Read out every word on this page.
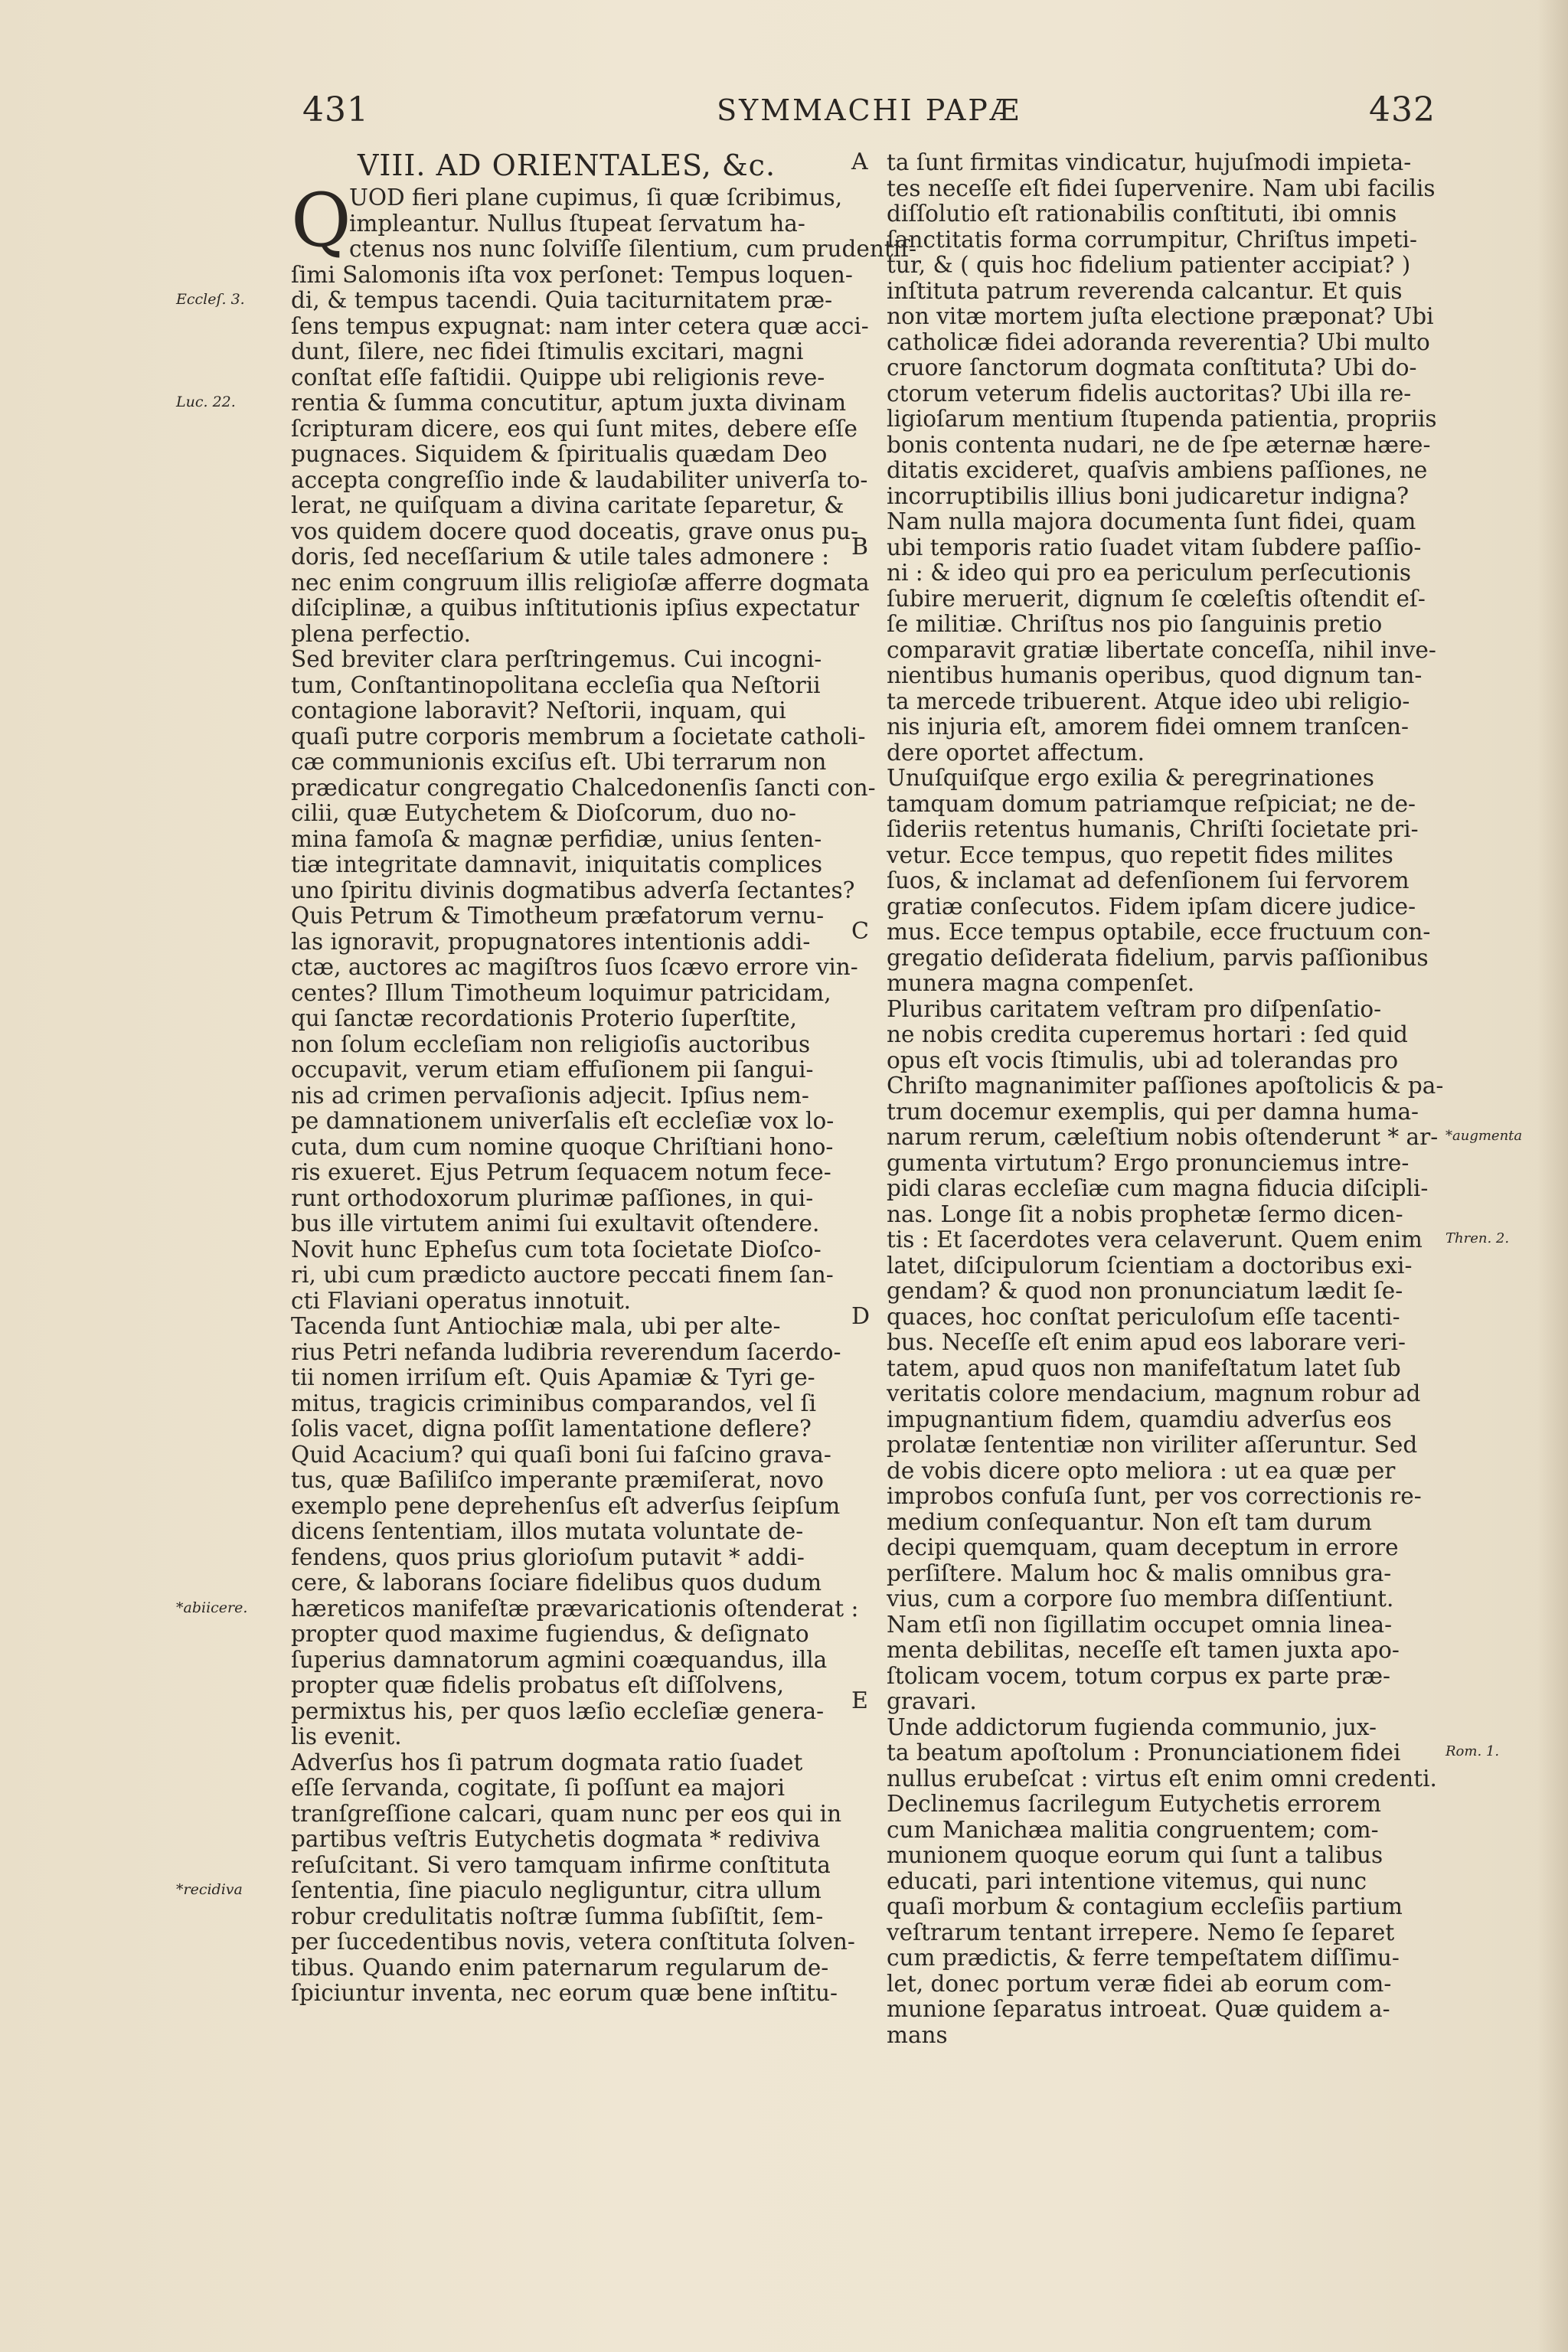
431	SYMMACHI PAPÆ	432
VIII. AD ORIENTALES, &c.
Q
UOD fieri plane cupimus, ſi quæ ſcribimus,
impleantur. Nullus ſtupeat ſervatum ha-
ctenus nos nunc ſolviſſe ſilentium, cum prudentiſ-
ſimi Salomonis iſta vox perſonet: Tempus loquen-
di, & tempus tacendi. Quia taciturnitatem præ-
ſens tempus expugnat: nam inter cetera quæ acci-
dunt, ſilere, nec fidei ſtimulis excitari, magni
conſtat eſſe faſtidii. Quippe ubi religionis reve-
rentia & ſumma concutitur, aptum juxta divinam
ſcripturam dicere, eos qui ſunt mites, debere eſſe
pugnaces. Siquidem & ſpiritualis quædam Deo
accepta congreſſio inde & laudabiliter univerſa to-
lerat, ne quiſquam a divina caritate ſeparetur, &
vos quidem docere quod doceatis, grave onus pu-
doris, ſed neceſſarium & utile tales admonere :
nec enim congruum illis religioſæ afferre dogmata
diſciplinæ, a quibus inſtitutionis ipſius expectatur
plena perfectio.
Sed breviter clara perſtringemus. Cui incogni-
tum, Conſtantinopolitana eccleſia qua Neſtorii
contagione laboravit? Neſtorii, inquam, qui
quaſi putre corporis membrum a ſocietate catholi-
cæ communionis exciſus eſt. Ubi terrarum non
prædicatur congregatio Chalcedonenſis ſancti con-
cilii, quæ Eutychetem & Dioſcorum, duo no-
mina famoſa & magnæ perfidiæ, unius ſenten-
tiæ integritate damnavit, iniquitatis complices
uno ſpiritu divinis dogmatibus adverſa ſectantes?
Quis Petrum & Timotheum præfatorum vernu-
las ignoravit, propugnatores intentionis addi-
ctæ, auctores ac magiſtros ſuos ſcævo errore vin-
centes? Illum Timotheum loquimur patricidam,
qui ſanctæ recordationis Proterio ſuperſtite,
non ſolum eccleſiam non religioſis auctoribus
occupavit, verum etiam effuſionem pii ſangui-
nis ad crimen pervaſionis adjecit. Ipſius nem-
pe damnationem univerſalis eſt eccleſiæ vox lo-
cuta, dum cum nomine quoque Chriſtiani hono-
ris exueret. Ejus Petrum ſequacem notum fece-
runt orthodoxorum plurimæ paſſiones, in qui-
bus ille virtutem animi ſui exultavit oſtendere.
Novit hunc Epheſus cum tota ſocietate Dioſco-
ri, ubi cum prædicto auctore peccati finem ſan-
cti Flaviani operatus innotuit.
Tacenda ſunt Antiochiæ mala, ubi per alte-
rius Petri nefanda ludibria reverendum ſacerdo-
tii nomen irriſum eſt. Quis Apamiæ & Tyri ge-
mitus, tragicis criminibus comparandos, vel ſi
ſolis vacet, digna poſſit lamentatione deflere?
Quid Acacium? qui quaſi boni ſui faſcino grava-
tus, quæ Baſiliſco imperante præmiſerat, novo
exemplo pene deprehenſus eſt adverſus ſeipſum
dicens ſententiam, illos mutata voluntate de-
fendens, quos prius glorioſum putavit * addi-
cere, & laborans ſociare fidelibus quos dudum
hæreticos manifeſtæ prævaricationis oſtenderat :
propter quod maxime fugiendus, & deſignato
ſuperius damnatorum agmini coæquandus, illa
propter quæ fidelis probatus eſt diſſolvens,
permixtus his, per quos læſio eccleſiæ genera-
lis evenit.
Adverſus hos ſi patrum dogmata ratio ſuadet
eſſe ſervanda, cogitate, ſi poſſunt ea majori
tranſgreſſione calcari, quam nunc per eos qui in
partibus veſtris Eutychetis dogmata * rediviva
reſuſcitant. Si vero tamquam infirme conſtituta
ſententia, ſine piaculo negliguntur, citra ullum
robur credulitatis noſtræ ſumma ſubſiſtit, ſem-
per ſuccedentibus novis, vetera conſtituta ſolven-
tibus. Quando enim paternarum regularum de-
ſpiciuntur inventa, nec eorum quæ bene inſtitu-
ta ſunt firmitas vindicatur, hujuſmodi impieta-
tes neceſſe eſt fidei ſupervenire. Nam ubi facilis
diſſolutio eſt rationabilis conſtituti, ibi omnis
ſanctitatis forma corrumpitur, Chriſtus impeti-
tur, & ( quis hoc fidelium patienter accipiat? )
inſtituta patrum reverenda calcantur. Et quis
non vitæ mortem juſta electione præponat? Ubi
catholicæ fidei adoranda reverentia? Ubi multo
cruore ſanctorum dogmata conſtituta? Ubi do-
ctorum veterum fidelis auctoritas? Ubi illa re-
ligioſarum mentium ſtupenda patientia, propriis
bonis contenta nudari, ne de ſpe æternæ hære-
ditatis excideret, quaſvis ambiens paſſiones, ne
incorruptibilis illius boni judicaretur indigna?
Nam nulla majora documenta ſunt fidei, quam
ubi temporis ratio ſuadet vitam ſubdere paſſio-
ni : & ideo qui pro ea periculum perſecutionis
ſubire meruerit, dignum ſe cœleſtis oſtendit eſ-
ſe militiæ. Chriſtus nos pio ſanguinis pretio
comparavit gratiæ libertate conceſſa, nihil inve-
nientibus humanis operibus, quod dignum tan-
ta mercede tribuerent. Atque ideo ubi religio-
nis injuria eſt, amorem fidei omnem tranſcen-
dere oportet affectum.
Unuſquiſque ergo exilia & peregrinationes
tamquam domum patriamque reſpiciat; ne de-
ſideriis retentus humanis, Chriſti ſocietate pri-
vetur. Ecce tempus, quo repetit fides milites
ſuos, & inclamat ad defenſionem ſui fervorem
gratiæ conſecutos. Fidem ipſam dicere judice-
mus. Ecce tempus optabile, ecce fructuum con-
gregatio deſiderata fidelium, parvis paſſionibus
munera magna compenſet.
Pluribus caritatem veſtram pro diſpenſatio-
ne nobis credita cuperemus hortari : ſed quid
opus eſt vocis ſtimulis, ubi ad tolerandas pro
Chriſto magnanimiter paſſiones apoſtolicis & pa-
trum docemur exemplis, qui per damna huma-
narum rerum, cæleſtium nobis oſtenderunt * ar-
gumenta virtutum? Ergo pronunciemus intre-
pidi claras eccleſiæ cum magna fiducia diſcipli-
nas. Longe ſit a nobis prophetæ ſermo dicen-
tis : Et ſacerdotes vera celaverunt. Quem enim
latet, diſcipulorum ſcientiam a doctoribus exi-
gendam? & quod non pronunciatum lædit ſe-
quaces, hoc conſtat periculoſum eſſe tacenti-
bus. Neceſſe eſt enim apud eos laborare veri-
tatem, apud quos non manifeſtatum latet ſub
veritatis colore mendacium, magnum robur ad
impugnantium fidem, quamdiu adverſus eos
prolatæ ſententiæ non viriliter aſſeruntur. Sed
de vobis dicere opto meliora : ut ea quæ per
improbos confuſa ſunt, per vos correctionis re-
medium conſequantur. Non eſt tam durum
decipi quemquam, quam deceptum in errore
perſiſtere. Malum hoc & malis omnibus gra-
vius, cum a corpore ſuo membra diſſentiunt.
Nam etſi non ſigillatim occupet omnia linea-
menta debilitas, neceſſe eſt tamen juxta apo-
ſtolicam vocem, totum corpus ex parte præ-
gravari.
Unde addictorum fugienda communio, jux-
ta beatum apoſtolum : Pronunciationem fidei
nullus erubeſcat : virtus eſt enim omni credenti.
Declinemus ſacrilegum Eutychetis errorem
cum Manichæa malitia congruentem; com-
munionem quoque eorum qui ſunt a talibus
educati, pari intentione vitemus, qui nunc
quaſi morbum & contagium eccleſiis partium
veſtrarum tentant irrepere. Nemo ſe ſeparet
cum prædictis, & ferre tempeſtatem diſſimu-
let, donec portum veræ fidei ab eorum com-
munione ſeparatus introeat. Quæ quidem a-
mans
Eccleſ. 3.
Luc. 22.
*abiicere.
*recidiva
A
B
C
D
E
*augmenta
Thren. 2.
Rom. 1.
